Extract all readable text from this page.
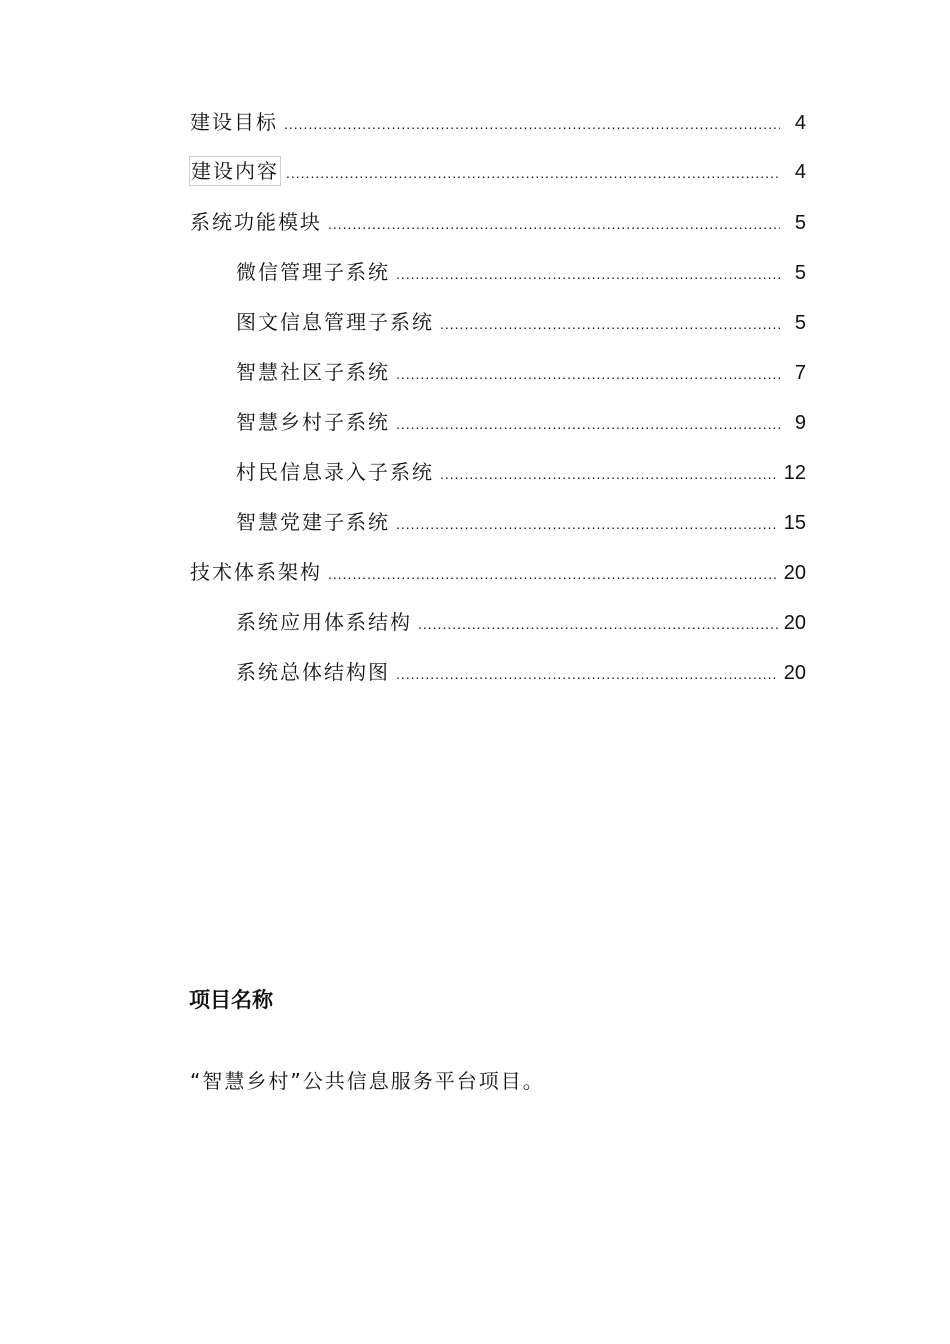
建设目标 .....	4
建设内容 .....	4
系统功能模块 .....	5
微信管理子系统 .....	5
图文信息管理子系统 .....	5
智慧社区子系统 .....	7
智慧乡村子系统 .....	9
村民信息录入子系统 .....	12
智慧党建子系统 .....	15
技术体系架构 .....	20
系统应用体系结构 .....	20
系统总体结构图 .....	20
项目名称
“智慧乡村”公共信息服务平台项目。
